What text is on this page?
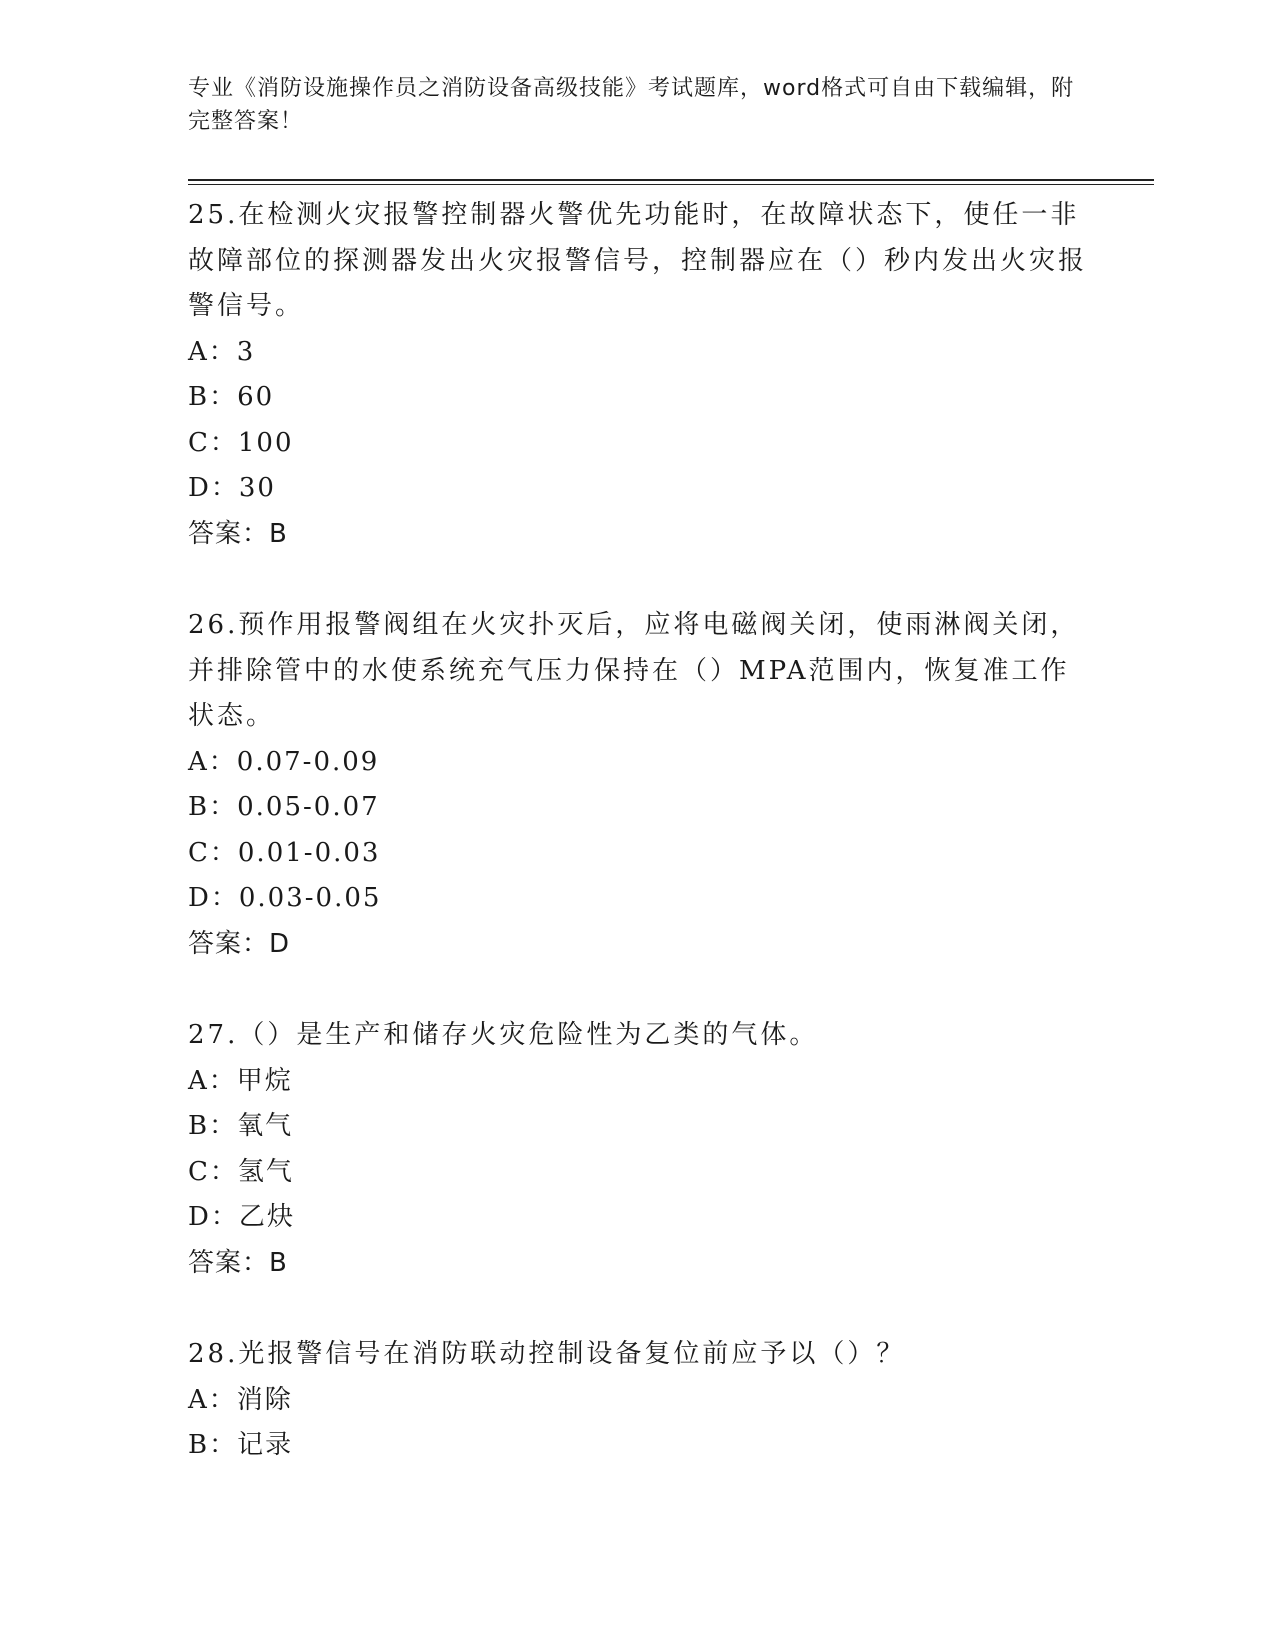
专业《消防设施操作员之消防设备高级技能》考试题库，word格式可自由下载编辑，附完整答案！

25.在检测火灾报警控制器火警优先功能时，在故障状态下，使任一非故障部位的探测器发出火灾报警信号，控制器应在（）秒内发出火灾报警信号。

A：3

B：60

C：100

D：30

答案：B

26.预作用报警阀组在火灾扑灭后，应将电磁阀关闭，使雨淋阀关闭，并排除管中的水使系统充气压力保持在（）MPA范围内，恢复准工作状态。

A：0.07-0.09

B：0.05-0.07

C：0.01-0.03

D：0.03-0.05

答案：D

27.（）是生产和储存火灾危险性为乙类的气体。

A：甲烷

B：氧气

C：氢气

D：乙炔

答案：B

28.光报警信号在消防联动控制设备复位前应予以（）？

A：消除

B：记录
